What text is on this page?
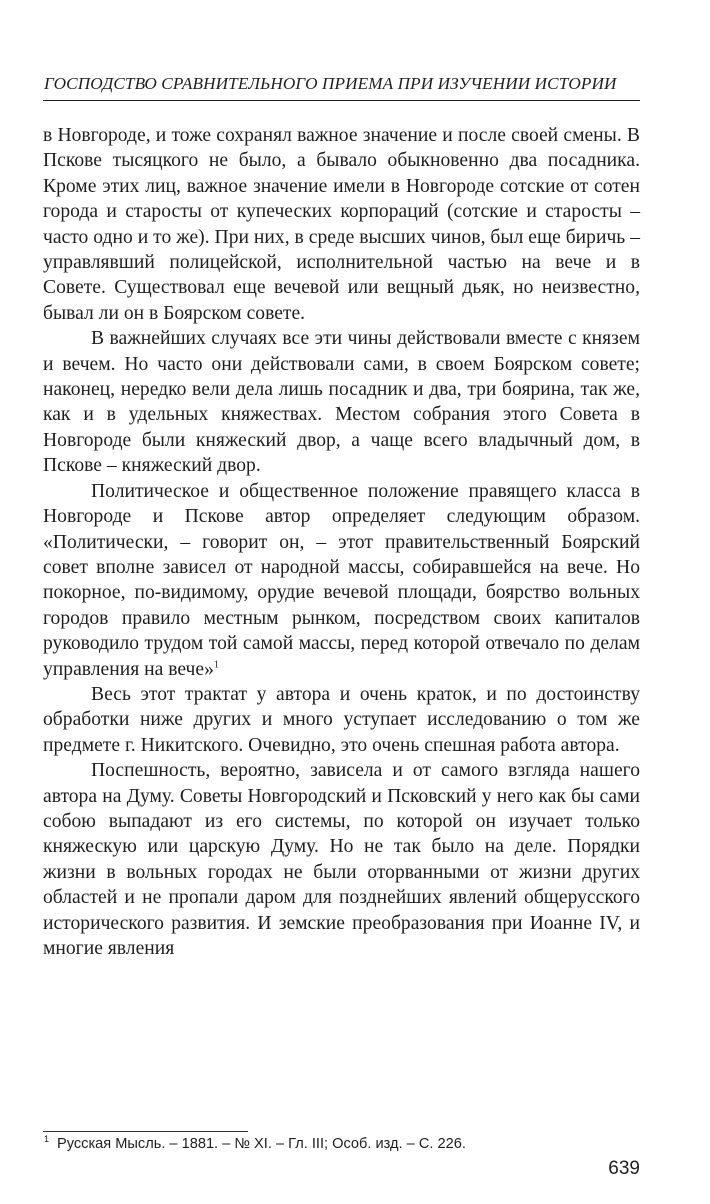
ГОСПОДСТВО СРАВНИТЕЛЬНОГО ПРИЕМА ПРИ ИЗУЧЕНИИ ИСТОРИИ

в Новгороде, и тоже сохранял важное значение и после своей смены. В Пскове тысяцкого не было, а бывало обыкновенно два посадника. Кроме этих лиц, важное значение имели в Новгороде сотские от сотен города и старосты от купеческих корпораций (сотские и старосты – часто одно и то же). При них, в среде высших чинов, был еще биричь – управлявший полицейской, исполнительной частью на вече и в Совете. Существовал еще вечевой или вещный дьяк, но неизвестно, бывал ли он в Боярском совете.

В важнейших случаях все эти чины действовали вместе с князем и вечем. Но часто они действовали сами, в своем Боярском совете; наконец, нередко вели дела лишь посадник и два, три боярина, так же, как и в удельных княжествах. Местом собрания этого Совета в Новгороде были княжеский двор, а чаще всего владычный дом, в Пскове – княжеский двор.

Политическое и общественное положение правящего класса в Новгороде и Пскове автор определяет следующим образом. «Политически, – говорит он, – этот правительственный Боярский совет вполне зависел от народной массы, собиравшейся на вече. Но покорное, по-видимому, орудие вечевой площади, боярство вольных городов правило местным рынком, посредством своих капиталов руководило трудом той самой массы, перед которой отвечало по делам управления на вече»$^1$

Весь этот трактат у автора и очень краток, и по достоинству обработки ниже других и много уступает исследованию о том же предмете г. Никитского. Очевидно, это очень спешная работа автора.

Поспешность, вероятно, зависела и от самого взгляда нашего автора на Думу. Советы Новгородский и Псковский у него как бы сами собою выпадают из его системы, по которой он изучает только княжескую или царскую Думу. Но не так было на деле. Порядки жизни в вольных городах не были оторванными от жизни других областей и не пропали даром для позднейших явлений общерусского исторического развития. И земские преобразования при Иоанне IV, и многие явления

$^1$ Русская Мысль. – 1881. – № XI. – Гл. III; Особ. изд. – С. 226.
639
